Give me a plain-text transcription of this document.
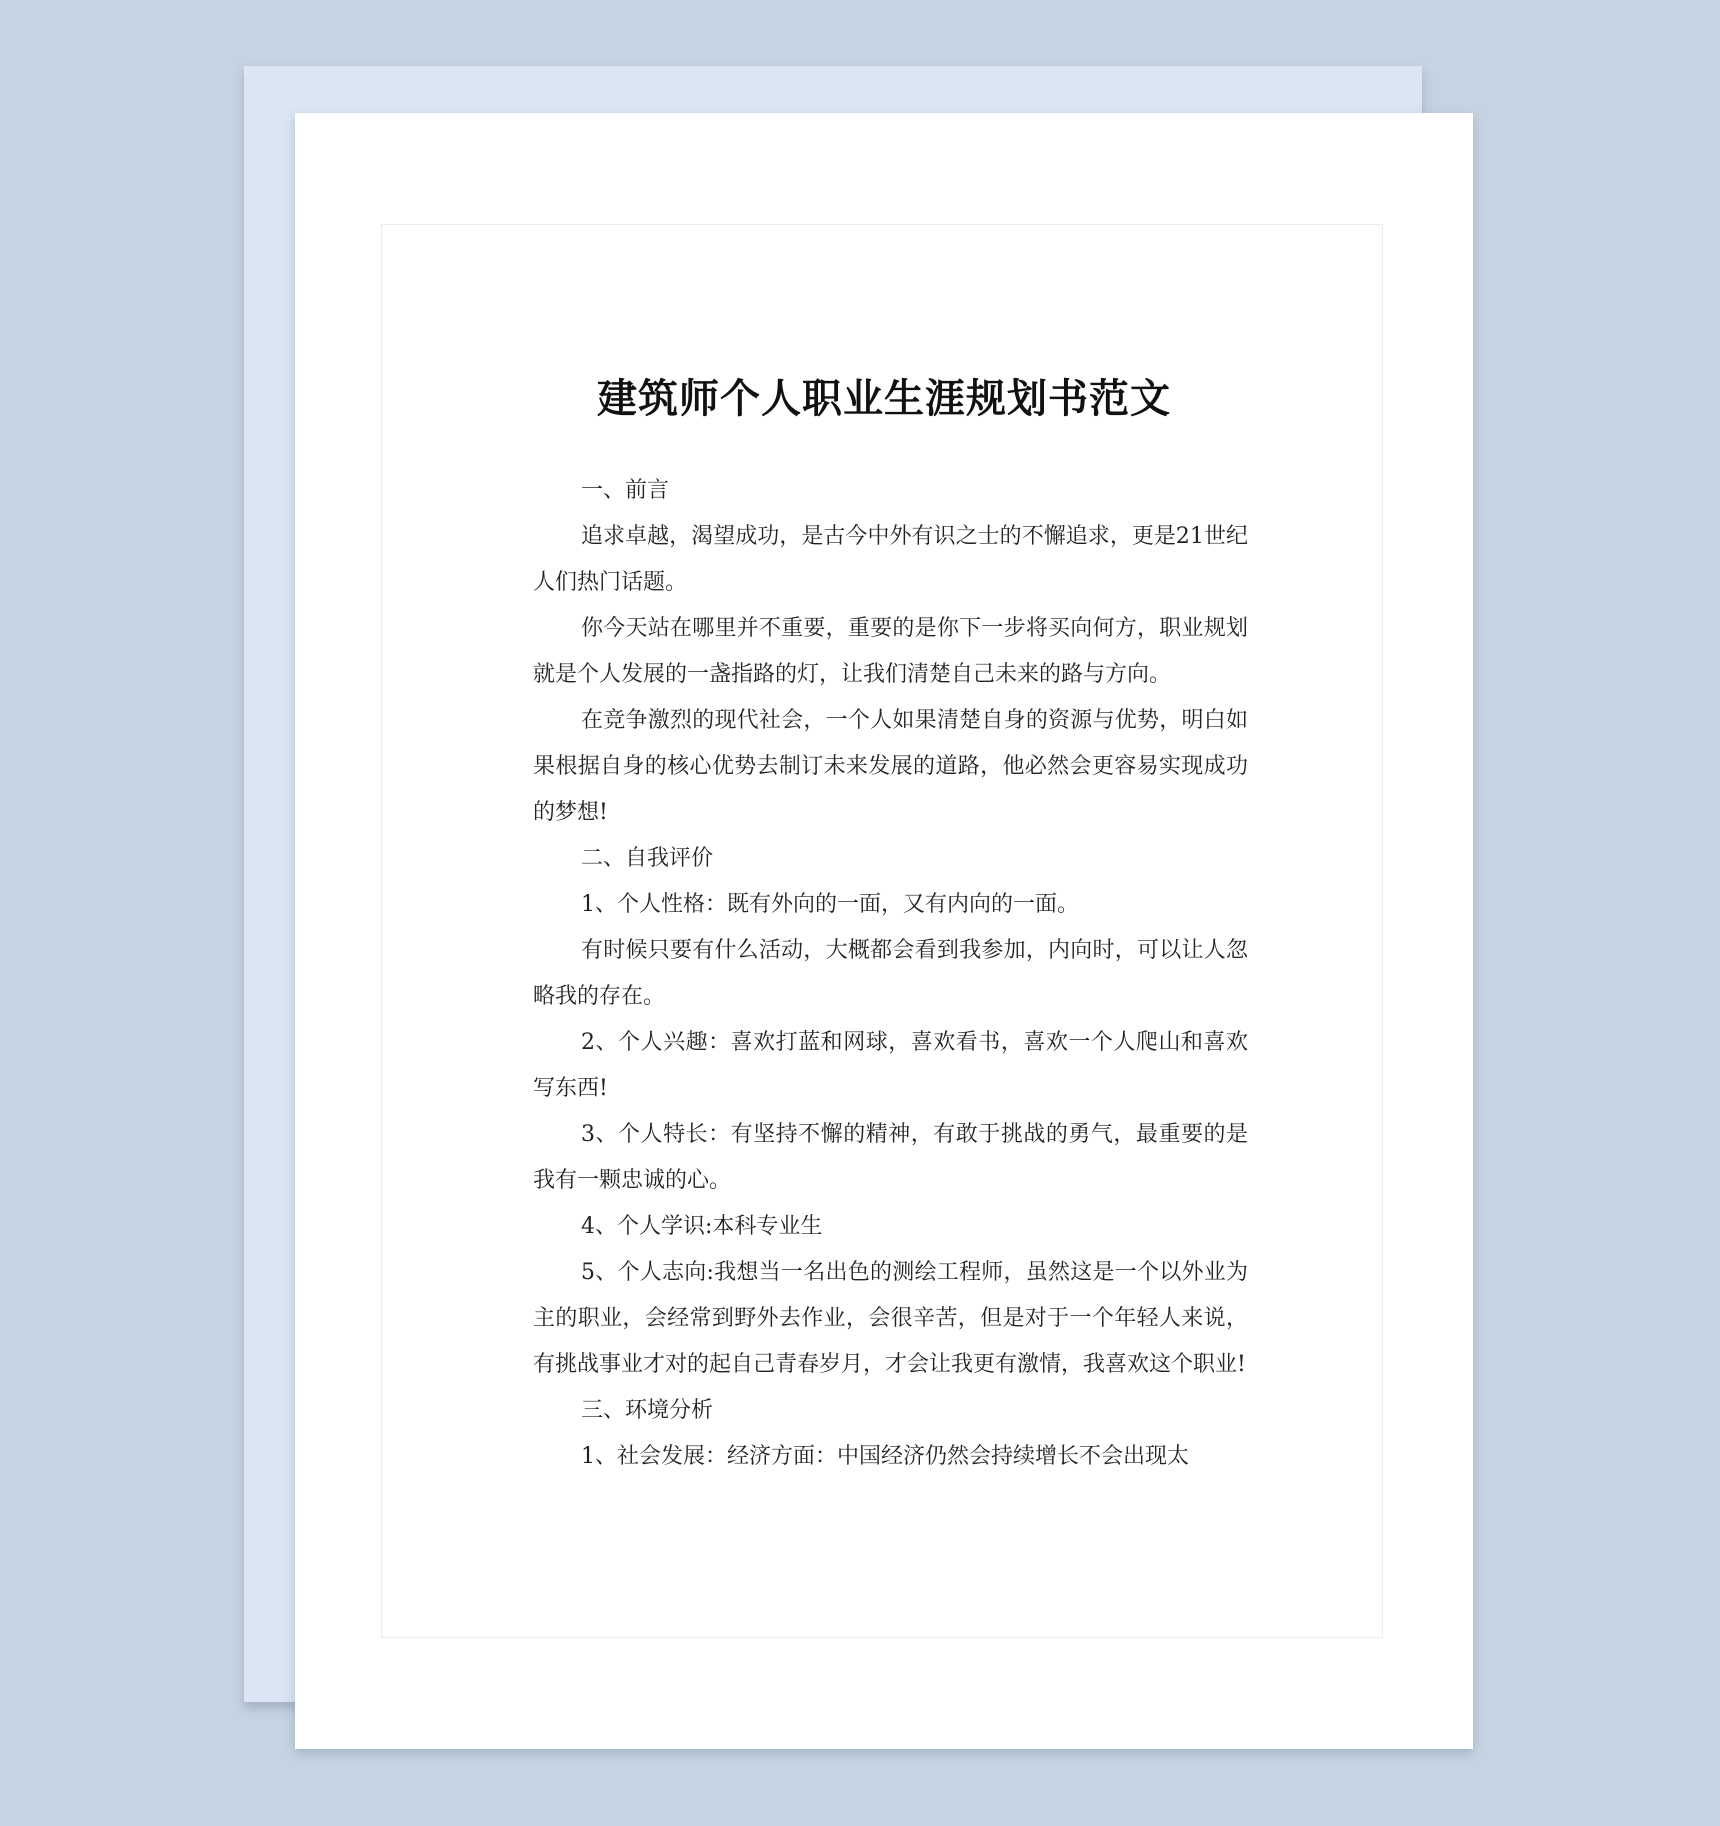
建筑师个人职业生涯规划书范文

一、前言

追求卓越，渴望成功，是古今中外有识之士的不懈追求，更是21世纪人们热门话题。

你今天站在哪里并不重要，重要的是你下一步将买向何方，职业规划就是个人发展的一盏指路的灯，让我们清楚自己未来的路与方向。

在竞争激烈的现代社会，一个人如果清楚自身的资源与优势，明白如果根据自身的核心优势去制订未来发展的道路，他必然会更容易实现成功的梦想!

二、自我评价

1、个人性格：既有外向的一面，又有内向的一面。

有时候只要有什么活动，大概都会看到我参加，内向时，可以让人忽略我的存在。

2、个人兴趣：喜欢打蓝和网球，喜欢看书，喜欢一个人爬山和喜欢写东西!

3、个人特长：有坚持不懈的精神，有敢于挑战的勇气，最重要的是我有一颗忠诚的心。

4、个人学识:本科专业生

5、个人志向:我想当一名出色的测绘工程师，虽然这是一个以外业为主的职业，会经常到野外去作业，会很辛苦，但是对于一个年轻人来说，有挑战事业才对的起自己青春岁月，才会让我更有激情，我喜欢这个职业!

三、环境分析

1、社会发展：经济方面：中国经济仍然会持续增长不会出现太
